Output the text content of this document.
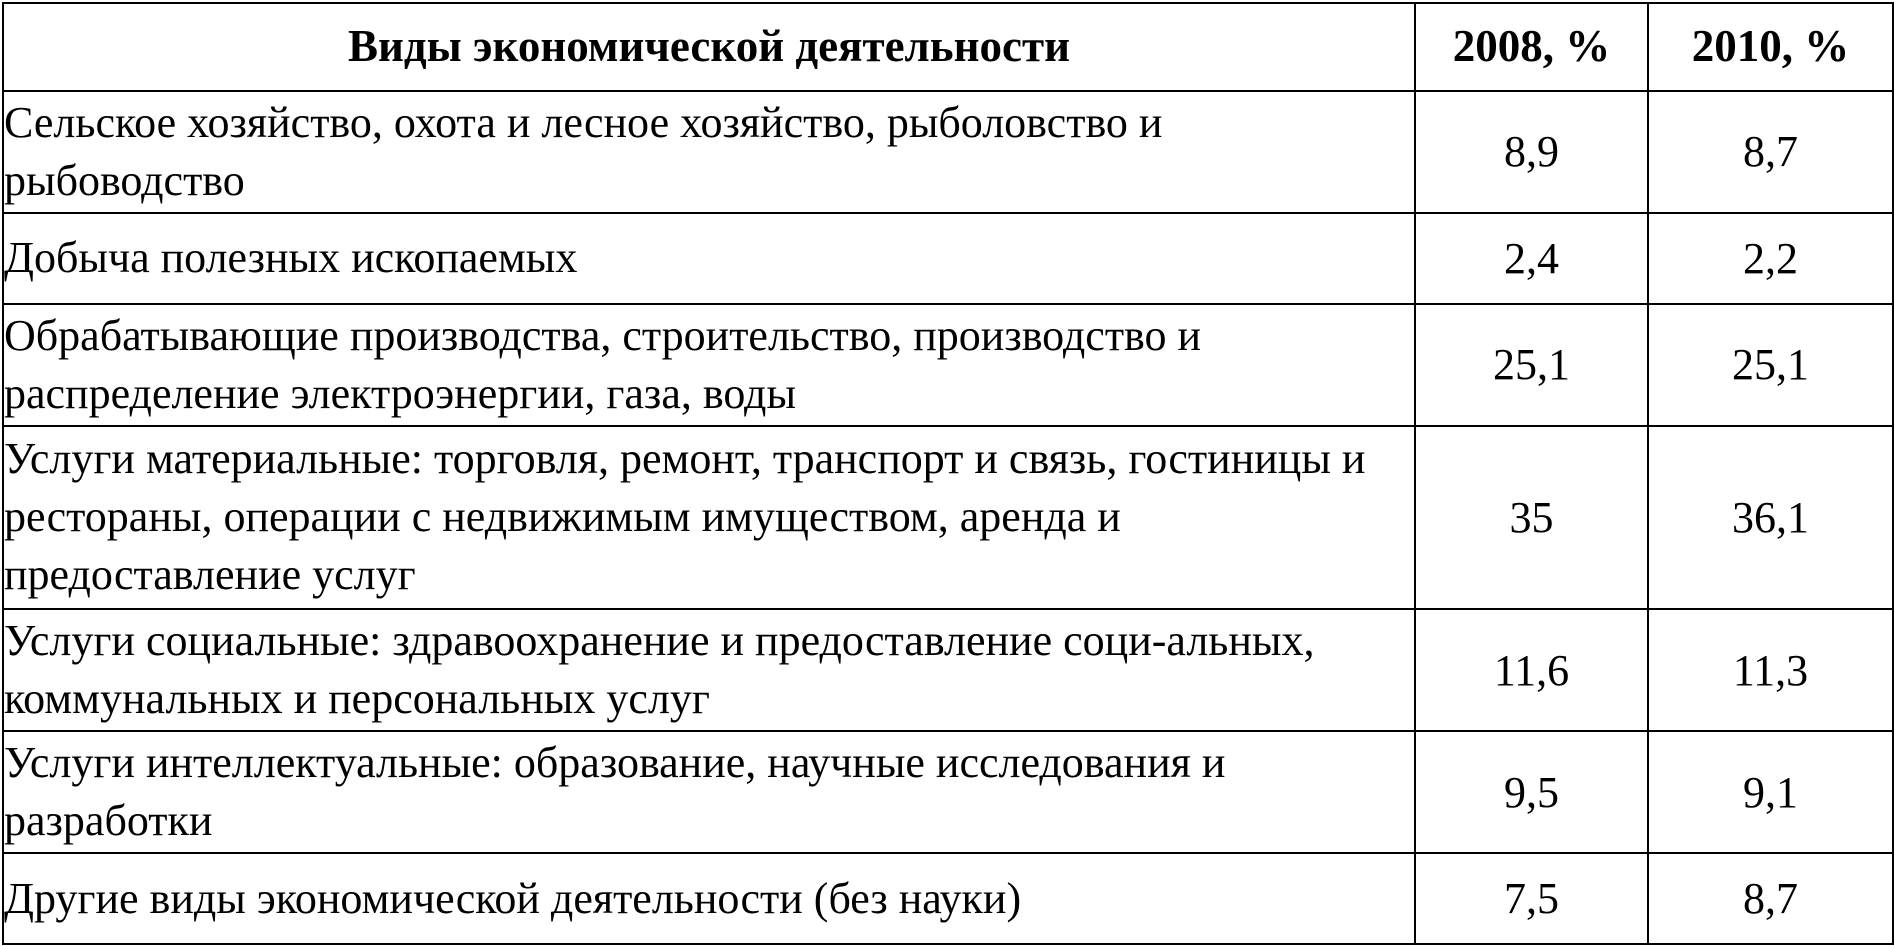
Виды экономической деятельности	2008, %	2010, %
Сельское хозяйство, охота и лесное хозяйство, рыболовство и рыбоводство	8,9	8,7
Добыча полезных ископаемых	2,4	2,2
Обрабатывающие производства, строительство, производство и распределение электроэнергии, газа, воды	25,1	25,1
Услуги материальные: торговля, ремонт, транспорт и связь, гостиницы и рестораны, операции с недвижимым имуществом, аренда и предоставление услуг	35	36,1
Услуги социальные: здравоохранение и предоставление соци-альных, коммунальных и персональных услуг	11,6	11,3
Услуги интеллектуальные: образование, научные исследования и разработки	9,5	9,1
Другие виды экономической деятельности (без науки)	7,5	8,7
